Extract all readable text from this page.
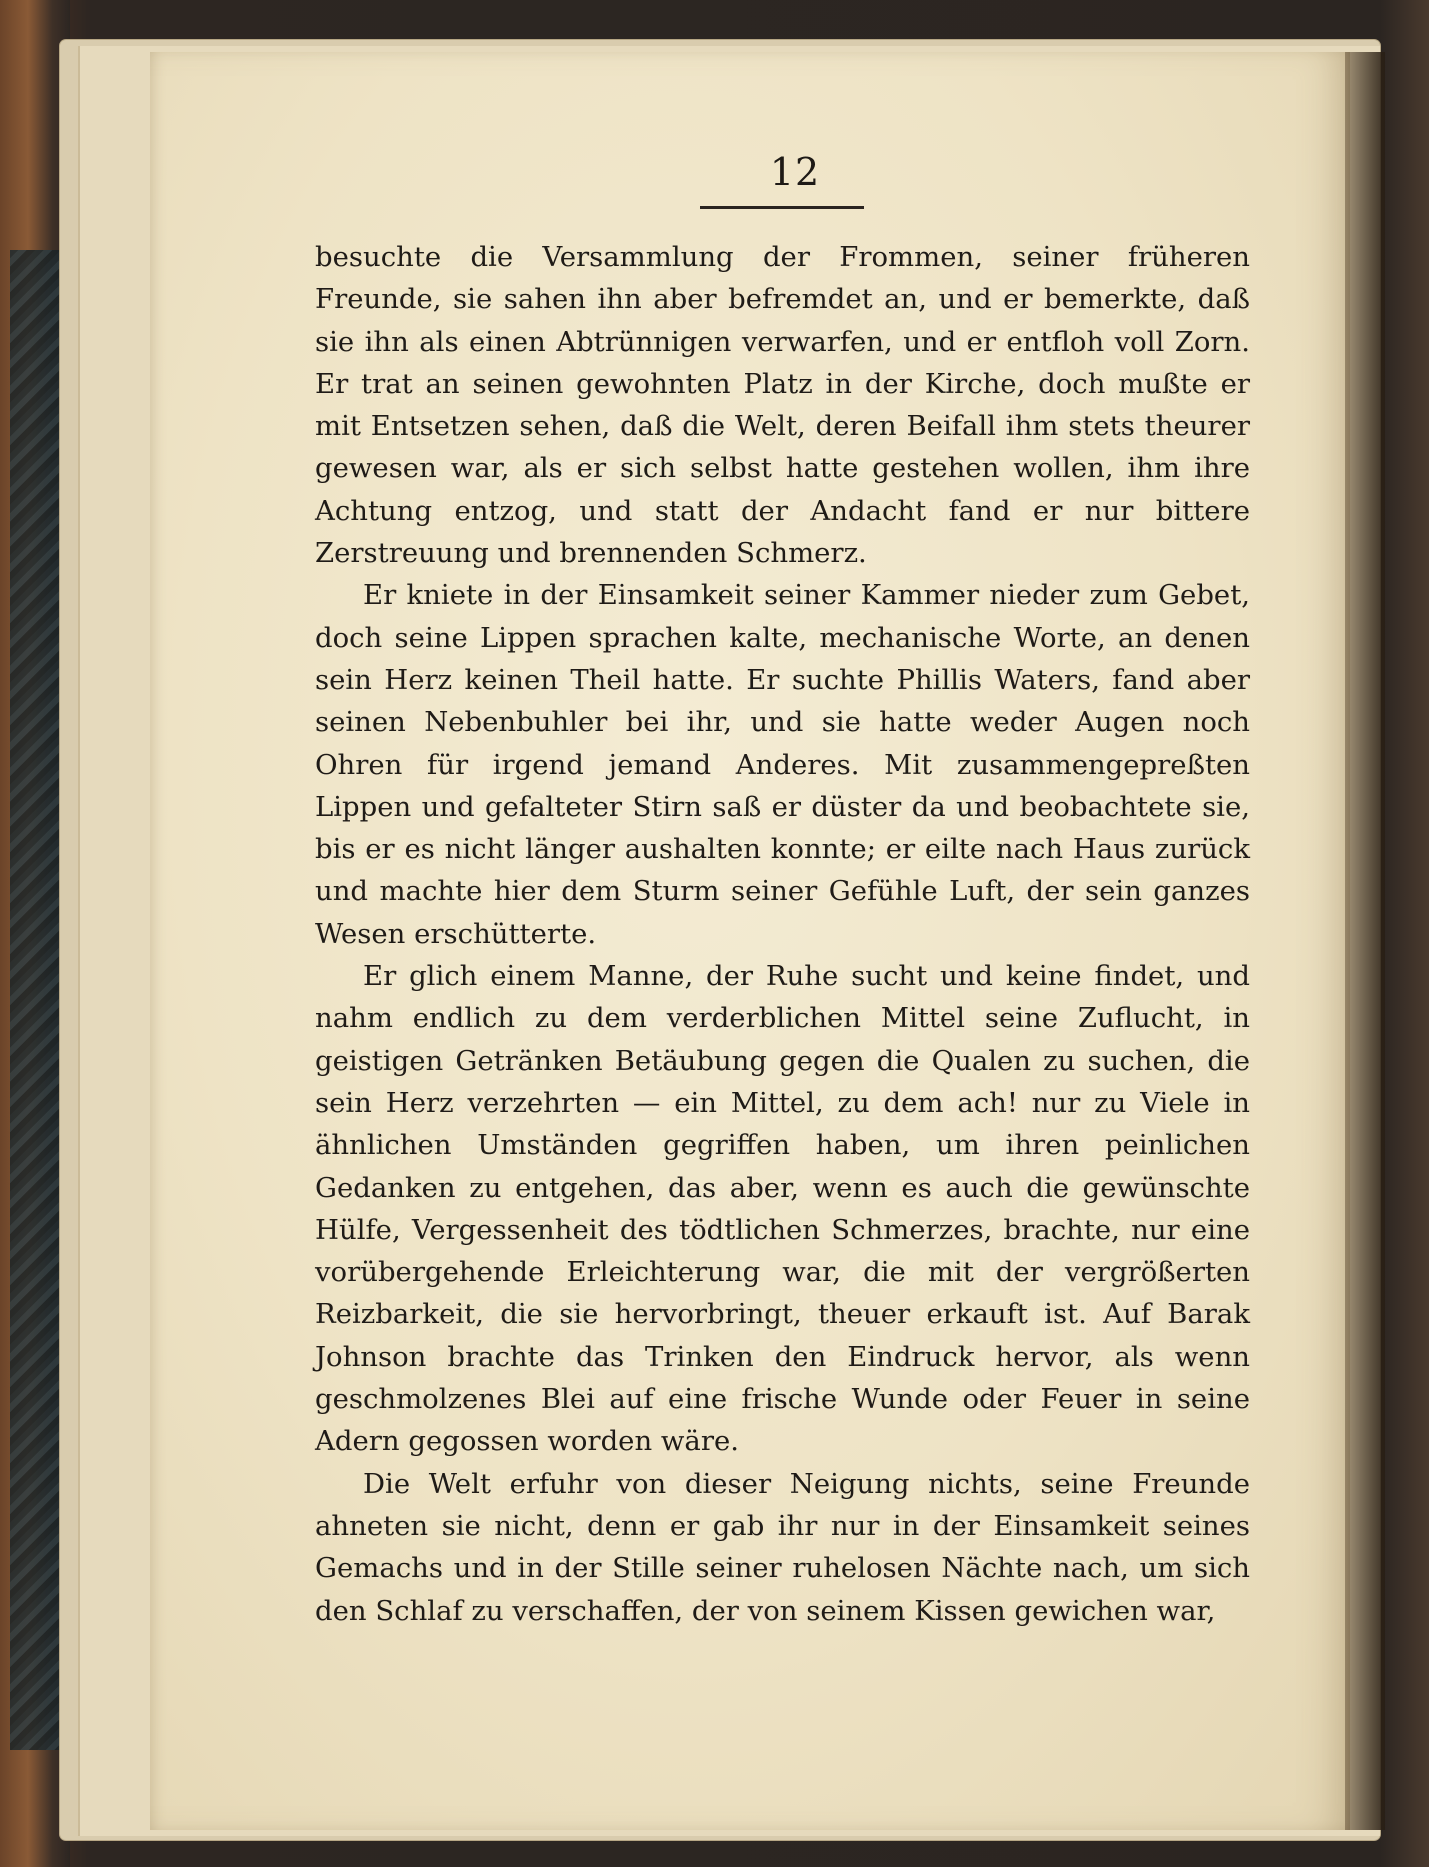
12

besuchte die Versammlung der Frommen, seiner früheren Freunde, sie sahen ihn aber befremdet an, und er bemerkte, daß sie ihn als einen Abtrünnigen verwarfen, und er entfloh voll Zorn. Er trat an seinen gewohnten Platz in der Kirche, doch mußte er mit Entsetzen sehen, daß die Welt, deren Beifall ihm stets theurer gewesen war, als er sich selbst hatte gestehen wollen, ihm ihre Achtung entzog, und statt der Andacht fand er nur bittere Zerstreuung und brennenden Schmerz.

Er kniete in der Einsamkeit seiner Kammer nieder zum Gebet, doch seine Lippen sprachen kalte, mechanische Worte, an denen sein Herz keinen Theil hatte. Er suchte Phillis Waters, fand aber seinen Nebenbuhler bei ihr, und sie hatte weder Augen noch Ohren für irgend jemand Anderes. Mit zusammengepreßten Lippen und gefalteter Stirn saß er düster da und beobachtete sie, bis er es nicht länger aushalten konnte; er eilte nach Haus zurück und machte hier dem Sturm seiner Gefühle Luft, der sein ganzes Wesen erschütterte.

Er glich einem Manne, der Ruhe sucht und keine findet, und nahm endlich zu dem verderblichen Mittel seine Zuflucht, in geistigen Getränken Betäubung gegen die Qualen zu suchen, die sein Herz verzehrten — ein Mittel, zu dem ach! nur zu Viele in ähnlichen Umständen gegriffen haben, um ihren peinlichen Gedanken zu entgehen, das aber, wenn es auch die gewünschte Hülfe, Vergessenheit des tödtlichen Schmerzes, brachte, nur eine vorübergehende Erleichterung war, die mit der vergrößerten Reizbarkeit, die sie hervorbringt, theuer erkauft ist. Auf Barak Johnson brachte das Trinken den Eindruck hervor, als wenn geschmolzenes Blei auf eine frische Wunde oder Feuer in seine Adern gegossen worden wäre.

Die Welt erfuhr von dieser Neigung nichts, seine Freunde ahneten sie nicht, denn er gab ihr nur in der Einsamkeit seines Gemachs und in der Stille seiner ruhelosen Nächte nach, um sich den Schlaf zu verschaffen, der von seinem Kissen gewichen war,
